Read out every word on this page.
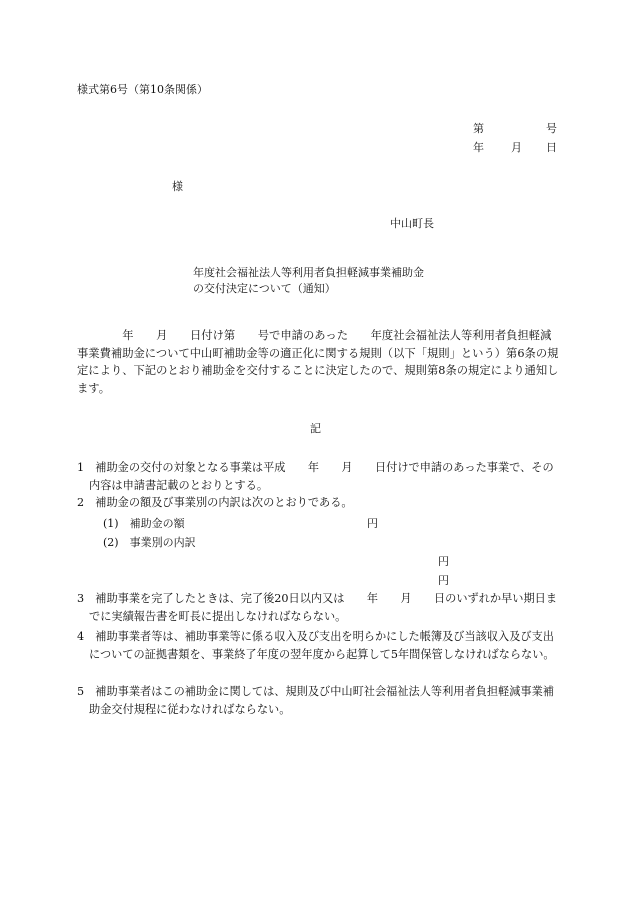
様式第6号（第10条関係）
第	号
年 月 日
様
中山町長
年度社会福祉法人等利用者負担軽減事業補助金
の交付決定について（通知）
　　　　年　　月　　日付け第　　号で申請のあった　　年度社会福祉法人等利用者負担軽減事業費補助金について中山町補助金等の適正化に関する規則（以下「規則」という）第6条の規定により、下記のとおり補助金を交付することに決定したので、規則第8条の規定により通知します。
記
1　補助金の交付の対象となる事業は平成　　年　　月　　日付けで申請のあった事業で、その内容は申請書記載のとおりとする。
2　補助金の額及び事業別の内訳は次のとおりである。
(1)　補助金の額	円
(2)　事業別の内訳
円
円
3　補助事業を完了したときは、完了後20日以内又は　　年　　月　　日のいずれか早い期日までに実績報告書を町長に提出しなければならない。
4　補助事業者等は、補助事業等に係る収入及び支出を明らかにした帳簿及び当該収入及び支出についての証拠書類を、事業終了年度の翌年度から起算して5年間保管しなければならない。
5　補助事業者はこの補助金に関しては、規則及び中山町社会福祉法人等利用者負担軽減事業補助金交付規程に従わなければならない。
